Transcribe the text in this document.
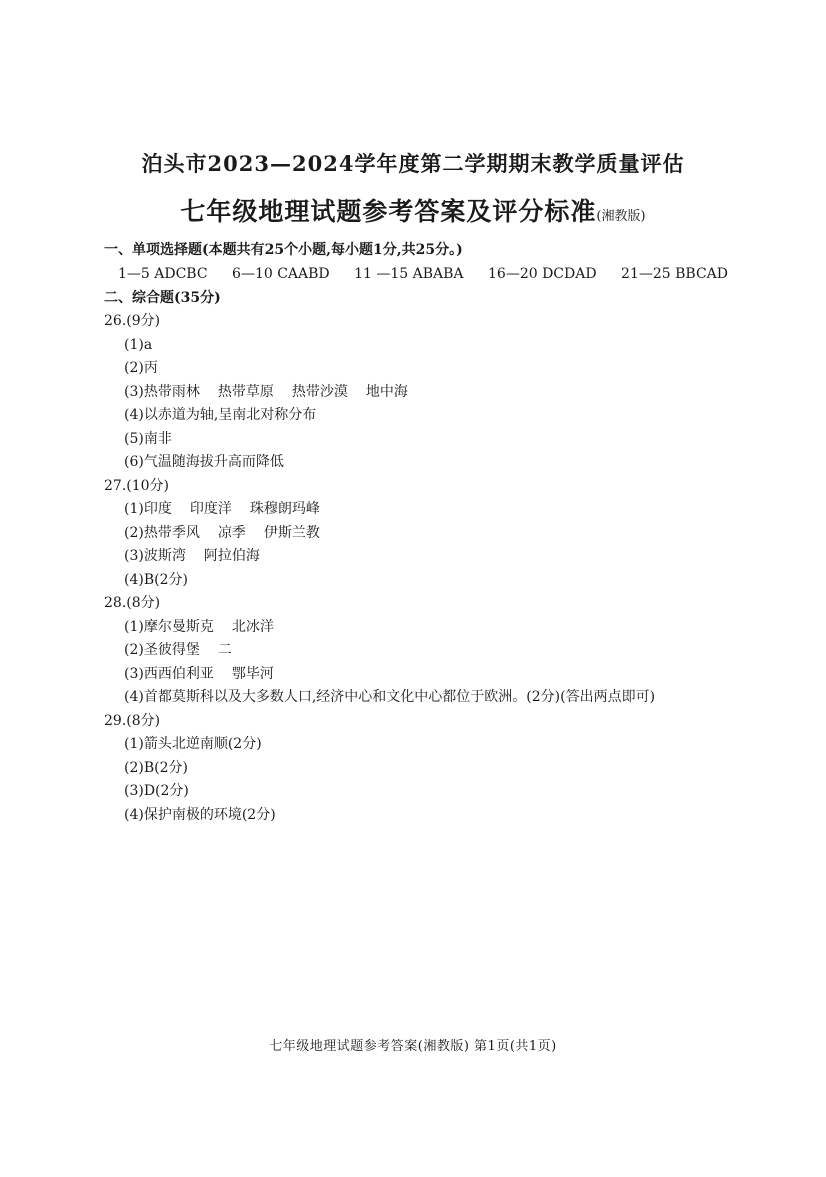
泊头市2023—2024学年度第二学期期末教学质量评估
七年级地理试题参考答案及评分标准(湘教版)
一、单项选择题(本题共有25个小题,每小题1分,共25分。)
1—5 ADCBC 6—10 CAABD 11 —15 ABABA 16—20 DCDAD 21—25 BBCAD
二、综合题(35分)
26.(9分)
(1)a
(2)丙
(3)热带雨林 热带草原 热带沙漠 地中海
(4)以赤道为轴,呈南北对称分布
(5)南非
(6)气温随海拔升高而降低
27.(10分)
(1)印度 印度洋 珠穆朗玛峰
(2)热带季风 凉季 伊斯兰教
(3)波斯湾 阿拉伯海
(4)B(2分)
28.(8分)
(1)摩尔曼斯克 北冰洋
(2)圣彼得堡 二
(3)西西伯利亚 鄂毕河
(4)首都莫斯科以及大多数人口,经济中心和文化中心都位于欧洲。(2分)(答出两点即可)
29.(8分)
(1)箭头北逆南顺(2分)
(2)B(2分)
(3)D(2分)
(4)保护南极的环境(2分)
七年级地理试题参考答案(湘教版) 第1页(共1页)
